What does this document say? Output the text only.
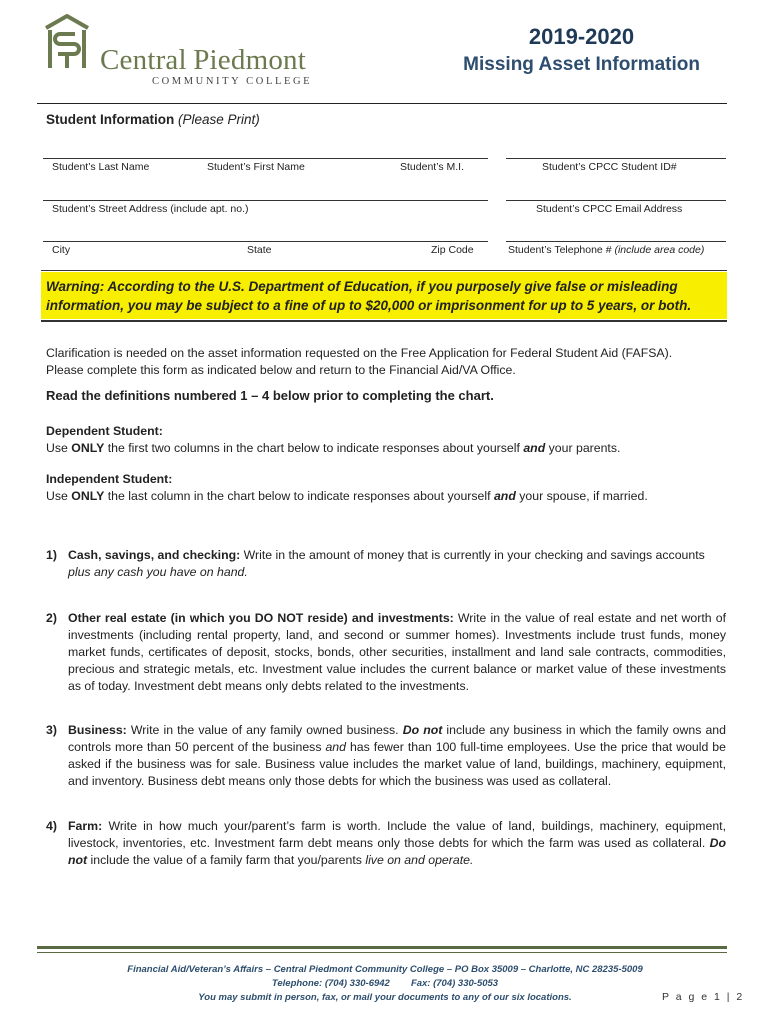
Central Piedmont
COMMUNITY COLLEGE
2019-2020
Missing Asset Information
Student Information (Please Print)
Student’s Last Name	Student’s First Name	Student’s M.I.	Student’s CPCC Student ID#
Student’s Street Address (include apt. no.)	Student’s CPCC Email Address
City	State	Zip Code	Student’s Telephone # (include area code)
Warning: According to the U.S. Department of Education, if you purposely give false or misleading information, you may be subject to a fine of up to $20,000 or imprisonment for up to 5 years, or both.
Clarification is needed on the asset information requested on the Free Application for Federal Student Aid (FAFSA).
Please complete this form as indicated below and return to the Financial Aid/VA Office.
Read the definitions numbered 1 – 4 below prior to completing the chart.
Dependent Student:
Use ONLY the first two columns in the chart below to indicate responses about yourself and your parents.
Independent Student:
Use ONLY the last column in the chart below to indicate responses about yourself and your spouse, if married.
1) Cash, savings, and checking: Write in the amount of money that is currently in your checking and savings accounts plus any cash you have on hand.
2) Other real estate (in which you DO NOT reside) and investments: Write in the value of real estate and net worth of investments (including rental property, land, and second or summer homes). Investments include trust funds, money market funds, certificates of deposit, stocks, bonds, other securities, installment and land sale contracts, commodities, precious and strategic metals, etc. Investment value includes the current balance or market value of these investments as of today. Investment debt means only debts related to the investments.
3) Business: Write in the value of any family owned business. Do not include any business in which the family owns and controls more than 50 percent of the business and has fewer than 100 full-time employees. Use the price that would be asked if the business was for sale. Business value includes the market value of land, buildings, machinery, equipment, and inventory. Business debt means only those debts for which the business was used as collateral.
4) Farm: Write in how much your/parent’s farm is worth. Include the value of land, buildings, machinery, equipment, livestock, inventories, etc. Investment farm debt means only those debts for which the farm was used as collateral. Do not include the value of a family farm that you/parents live on and operate.
Financial Aid/Veteran’s Affairs – Central Piedmont Community College – PO Box 35009 – Charlotte, NC 28235-5009
Telephone: (704) 330-6942        Fax: (704) 330-5053
You may submit in person, fax, or mail your documents to any of our six locations.	P a g e 1 | 2
